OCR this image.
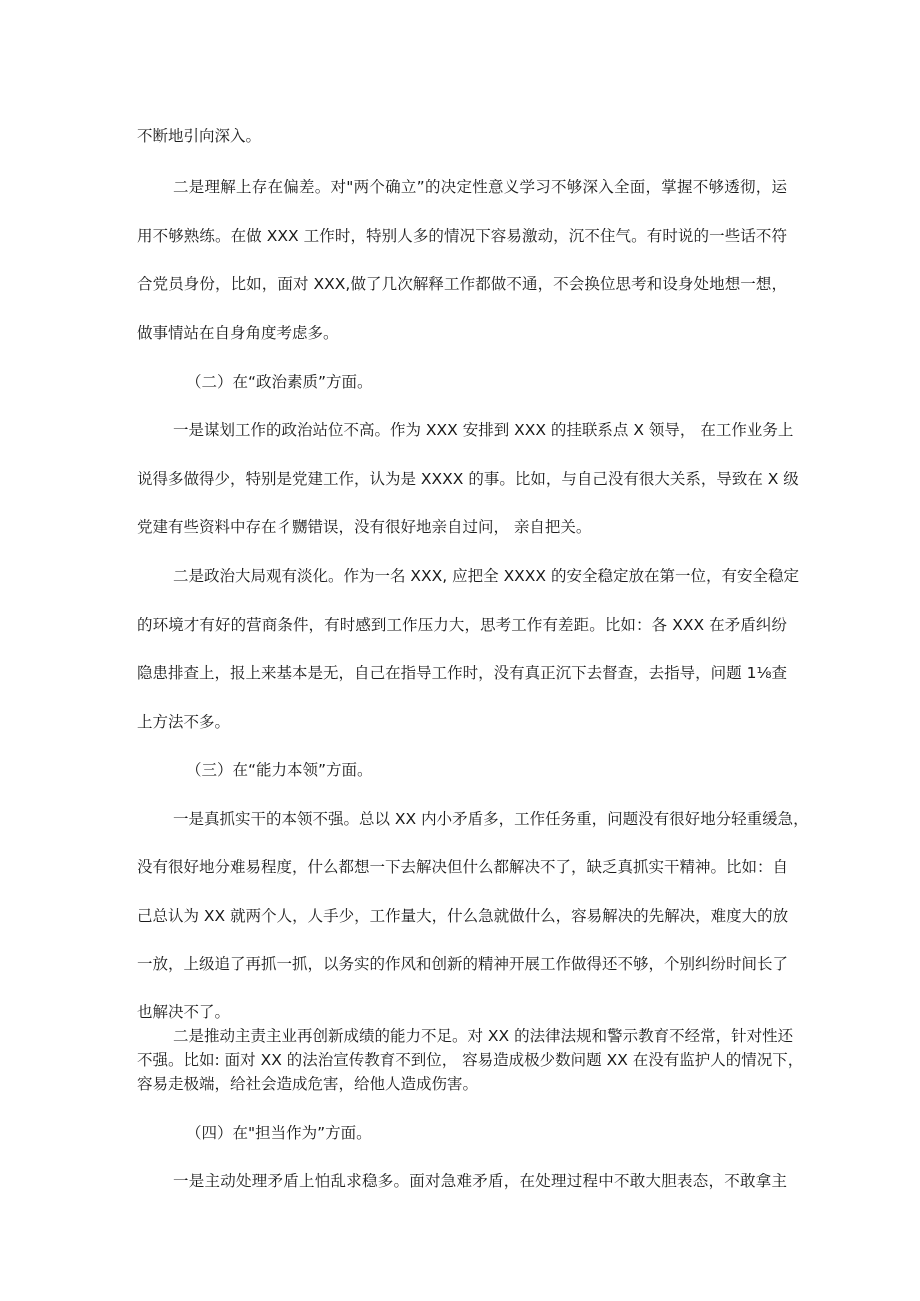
不断地引向深入。
二是理解上存在偏差。对"两个确立”的决定性意义学习不够深入全面，掌握不够透彻，运
用不够熟练。在做 XXX 工作时，特别人多的情况下容易激动，沉不住气。有时说的一些话不符
合党员身份，比如，面对 XXX,做了几次解释工作都做不通，不会换位思考和设身处地想一想，
做事情站在自身角度考虑多。
（二）在“政治素质”方面。
一是谋划工作的政治站位不高。作为 XXX 安排到 XXX 的挂联系点 X 领导， 在工作业务上
说得多做得少，特别是党建工作，认为是 XXXX 的事。比如，与自己没有很大关系，导致在 X 级
党建有些资料中存在彳嬲错误，没有很好地亲自过问， 亲自把关。
二是政治大局观有淡化。作为一名 XXX, 应把全 XXXX 的安全稳定放在第一位，有安全稳定
的环境才有好的营商条件，有时感到工作压力大，思考工作有差距。比如：各 XXX 在矛盾纠纷
隐患排查上，报上来基本是无，自己在指导工作时，没有真正沉下去督查，去指导，问题 1⅛查
上方法不多。
（三）在“能力本领”方面。
一是真抓实干的本领不强。总以 XX 内小矛盾多，工作任务重，问题没有很好地分轻重缓急，
没有很好地分难易程度，什么都想一下去解决但什么都解决不了，缺乏真抓实干精神。比如：自
己总认为 XX 就两个人，人手少，工作量大，什么急就做什么，容易解决的先解决，难度大的放
一放，上级追了再抓一抓，以务实的作风和创新的精神开展工作做得还不够，个别纠纷时间长了
也解决不了。
二是推动主责主业再创新成绩的能力不足。对 XX 的法律法规和警示教育不经常，针对性还
不强。比如: 面对 XX 的法治宣传教育不到位， 容易造成极少数问题 XX 在没有监护人的情况下，
容易走极端，给社会造成危害，给他人造成伤害。
（四）在"担当作为”方面。
一是主动处理矛盾上怕乱求稳多。面对急难矛盾，在处理过程中不敢大胆表态，不敢拿主
